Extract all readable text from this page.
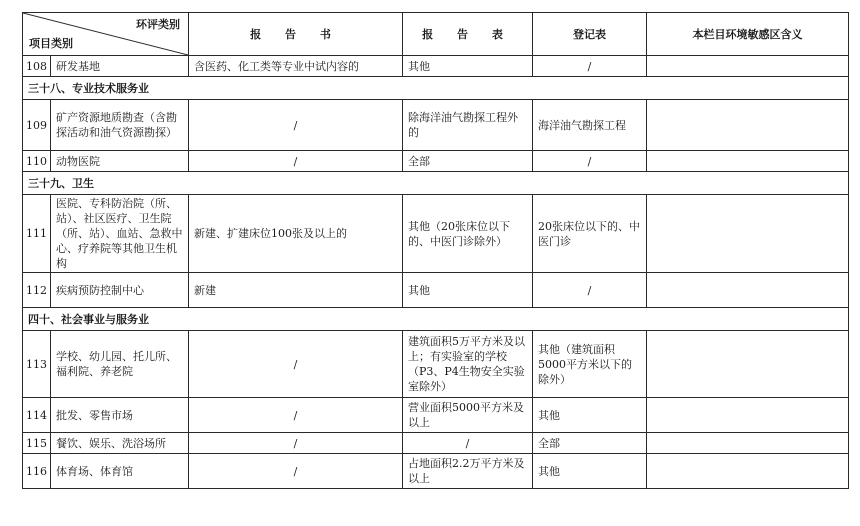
环评类别
项目类别		报 告 书	报 告 表	登记表	本栏目环境敏感区含义
108	研发基地	含医药、化工类等专业中试内容的	其他	/	
三十八、专业技术服务业					
109	矿产资源地质勘查（含勘探活动和油气资源勘探）	/	除海洋油气勘探工程外的	海洋油气勘探工程	
110	动物医院	/	全部	/	
三十九、卫生					
111	医院、专科防治院（所、站）、社区医疗、卫生院（所、站）、血站、急救中心、疗养院等其他卫生机构	新建、扩建床位100张及以上的	其他（20张床位以下的、中医门诊除外）	20张床位以下的、中医门诊	
112	疾病预防控制中心	新建	其他	/	
四十、社会事业与服务业					
113	学校、幼儿园、托儿所、福利院、养老院	/	建筑面积5万平方米及以上；有实验室的学校（P3、P4生物安全实验室除外）	其他（建筑面积5000平方米以下的除外）	
114	批发、零售市场	/	营业面积5000平方米及以上	其他	
115	餐饮、娱乐、洗浴场所	/	/	全部	
116	体育场、体育馆	/	占地面积2.2万平方米及以上	其他	
